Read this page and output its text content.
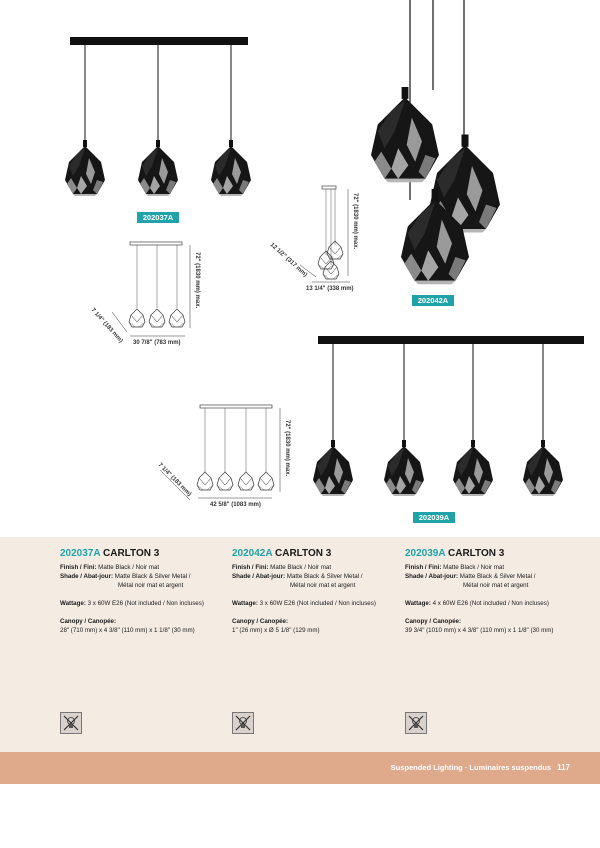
72" (1830 mm) max.
30 7/8" (783 mm)
7 1/4" (183 mm)
72" (1830 mm) max.
13 1/4" (338 mm)
12 1/2" (317 mm)
72" (1830 mm) max.
42 5/8" (1083 mm)
7 1/4" (183 mm)
202037A
202042A
202039A
202037A CARLTON 3
Finish / Fini: Matte Black / Noir mat
Shade / Abat-jour: Matte Black & Silver Metal /
Métal noir mat et argent
Wattage: 3 x 60W E26 (Not included / Non incluses)
Canopy / Canopée:
28" (710 mm) x 4 3/8" (110 mm) x 1 1/8" (30 mm)
202042A CARLTON 3
Finish / Fini: Matte Black / Noir mat
Shade / Abat-jour: Matte Black & Silver Metal /
Métal noir mat et argent
Wattage: 3 x 60W E26 (Not included / Non incluses)
Canopy / Canopée:
1" (26 mm) x Ø 5 1/8" (129 mm)
202039A CARLTON 3
Finish / Fini: Matte Black / Noir mat
Shade / Abat-jour: Matte Black & Silver Metal /
Métal noir mat et argent
Wattage: 4 x 60W E26 (Not included / Non incluses)
Canopy / Canopée:
39 3/4" (1010 mm) x 4 3/8" (110 mm) x 1 1/8" (30 mm)
Suspended Lighting · Luminaires suspendus 117
